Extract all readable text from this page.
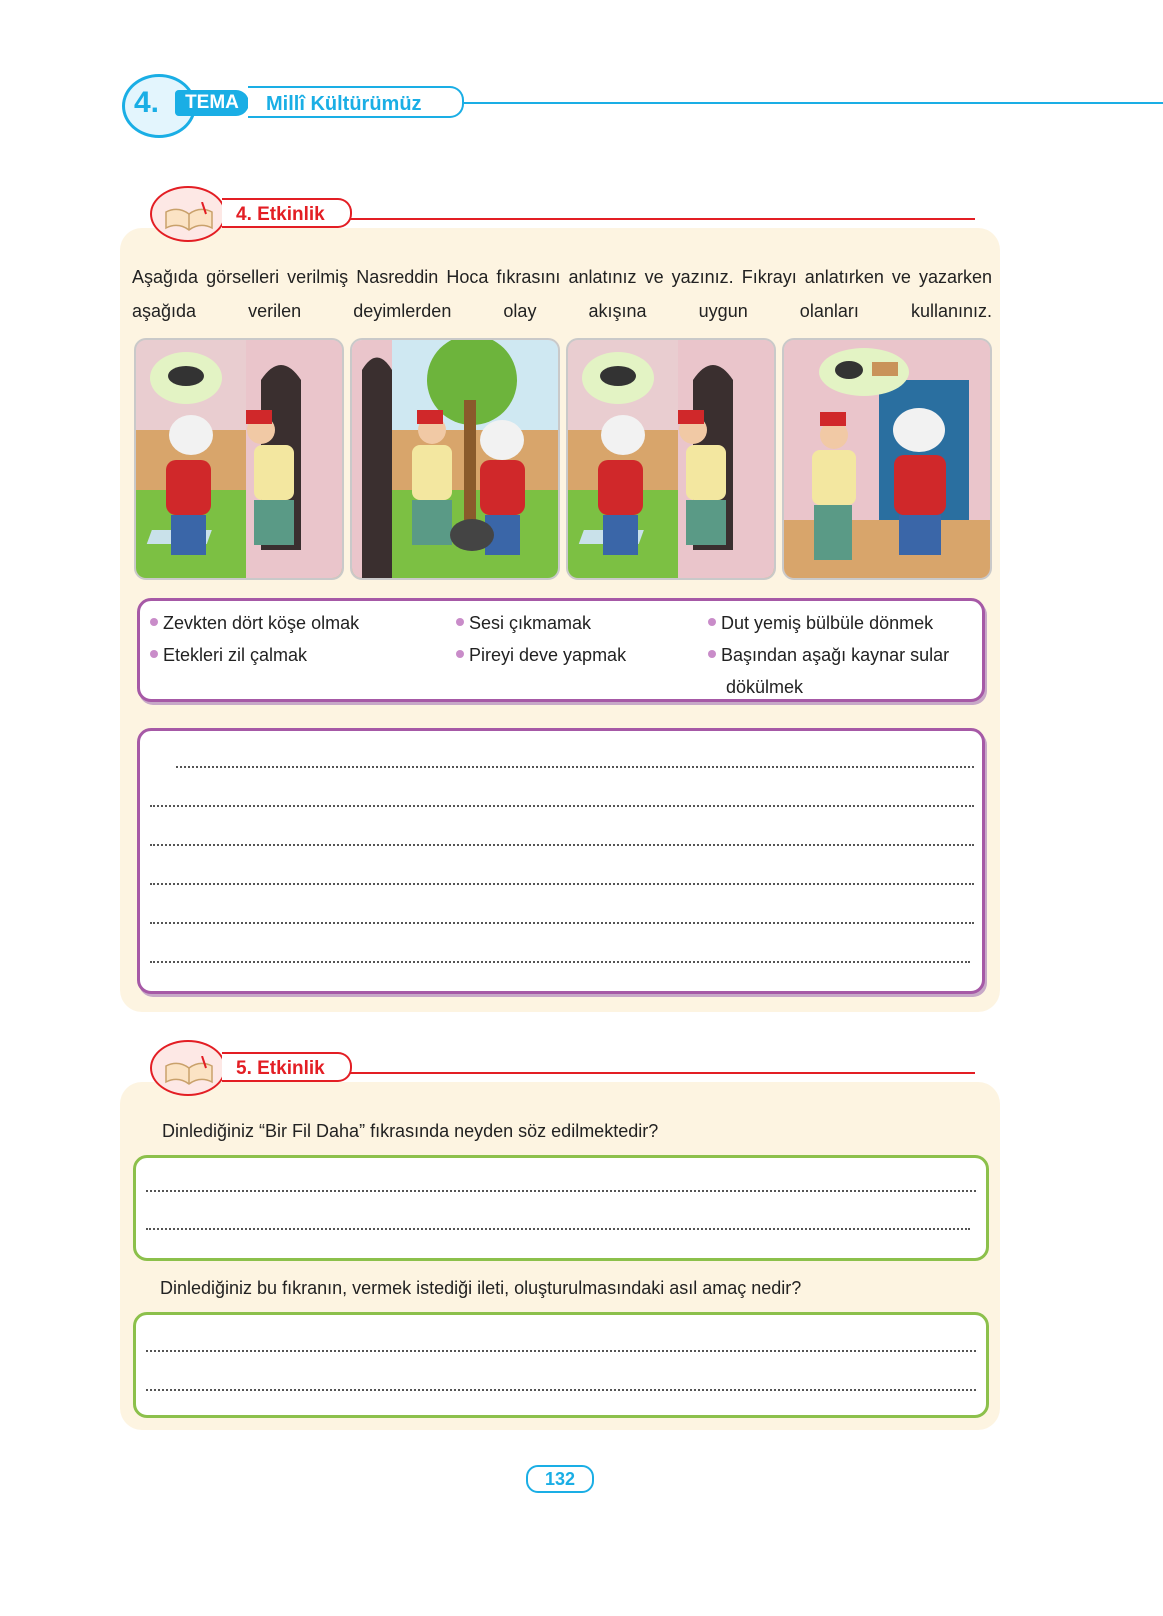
4.	TEMA	Millî Kültürümüz
4. Etkinlik
Aşağıda görselleri verilmiş Nasreddin Hoca fıkrasını anlatınız ve yazınız. Fıkrayı anlatırken ve yazarken aşağıda verilen deyimlerden olay akışına uygun olanları kullanınız.
Zevkten dört köşe olmak
Etekleri zil çalmak
Sesi çıkmamak
Pireyi deve yapmak
Dut yemiş bülbüle dönmek
Başından aşağı kaynar sular
dökülmek
5. Etkinlik
Dinlediğiniz “Bir Fil Daha” fıkrasında neyden söz edilmektedir?
Dinlediğiniz bu fıkranın, vermek istediği ileti, oluşturulmasındaki asıl amaç nedir?
132
